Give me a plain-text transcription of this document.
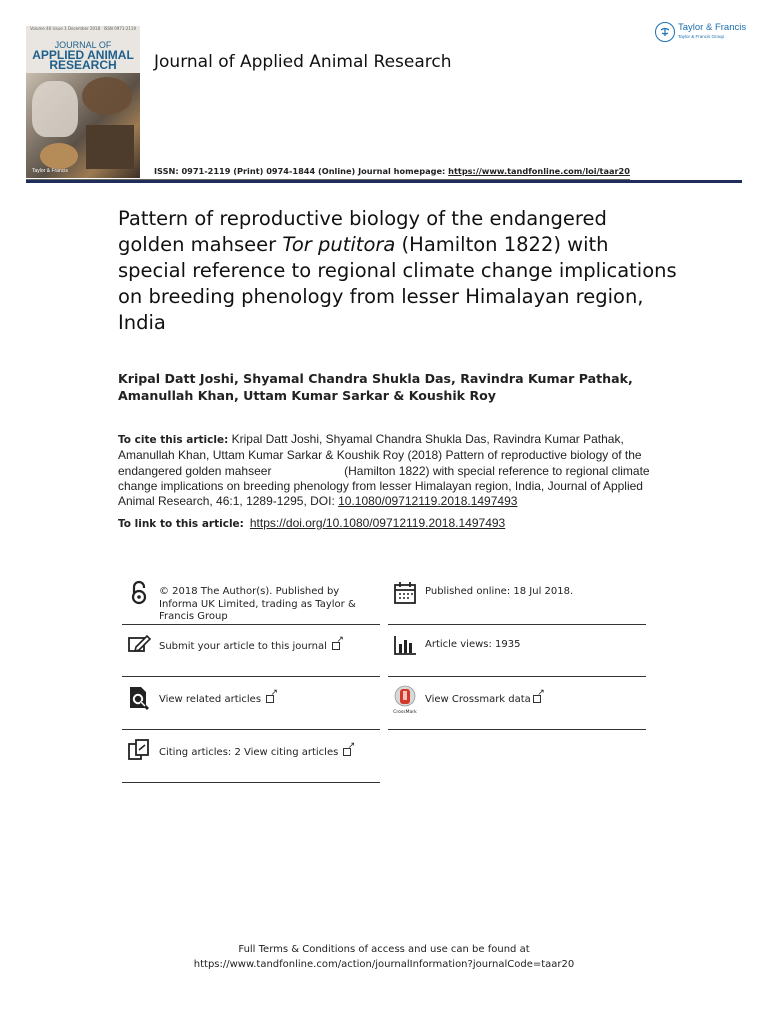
Volume 46 Issue 1 December 2018 ISSN 0971-2119
JOURNAL OF
APPLIED ANIMAL
RESEARCH
Taylor & Francis
Journal of Applied Animal Research
Taylor & Francis
Taylor & Francis Group
ISSN: 0971-2119 (Print) 0974-1844 (Online) Journal homepage: https://www.tandfonline.com/loi/taar20
Pattern of reproductive biology of the endangered golden mahseer Tor putitora (Hamilton 1822) with special reference to regional climate change implications on breeding phenology from lesser Himalayan region, India
Kripal Datt Joshi, Shyamal Chandra Shukla Das, Ravindra Kumar Pathak, Amanullah Khan, Uttam Kumar Sarkar & Koushik Roy
To cite this article: Kripal Datt Joshi, Shyamal Chandra Shukla Das, Ravindra Kumar Pathak, Amanullah Khan, Uttam Kumar Sarkar & Koushik Roy (2018) Pattern of reproductive biology of the endangered golden mahseer	(Hamilton 1822) with special reference to regional climate change implications on breeding phenology from lesser Himalayan region, India, Journal of Applied Animal Research, 46:1, 1289-1295, DOI: 10.1080/09712119.2018.1497493
To link to this article: https://doi.org/10.1080/09712119.2018.1497493
© 2018 The Author(s). Published by Informa UK Limited, trading as Taylor & Francis Group
Submit your article to this journal↗
View related articles↗
Citing articles: 2 View citing articles↗
Published online: 18 Jul 2018.
Article views: 1935
CrossMark
View Crossmark data↗
Full Terms & Conditions of access and use can be found at
https://www.tandfonline.com/action/journalInformation?journalCode=taar20
